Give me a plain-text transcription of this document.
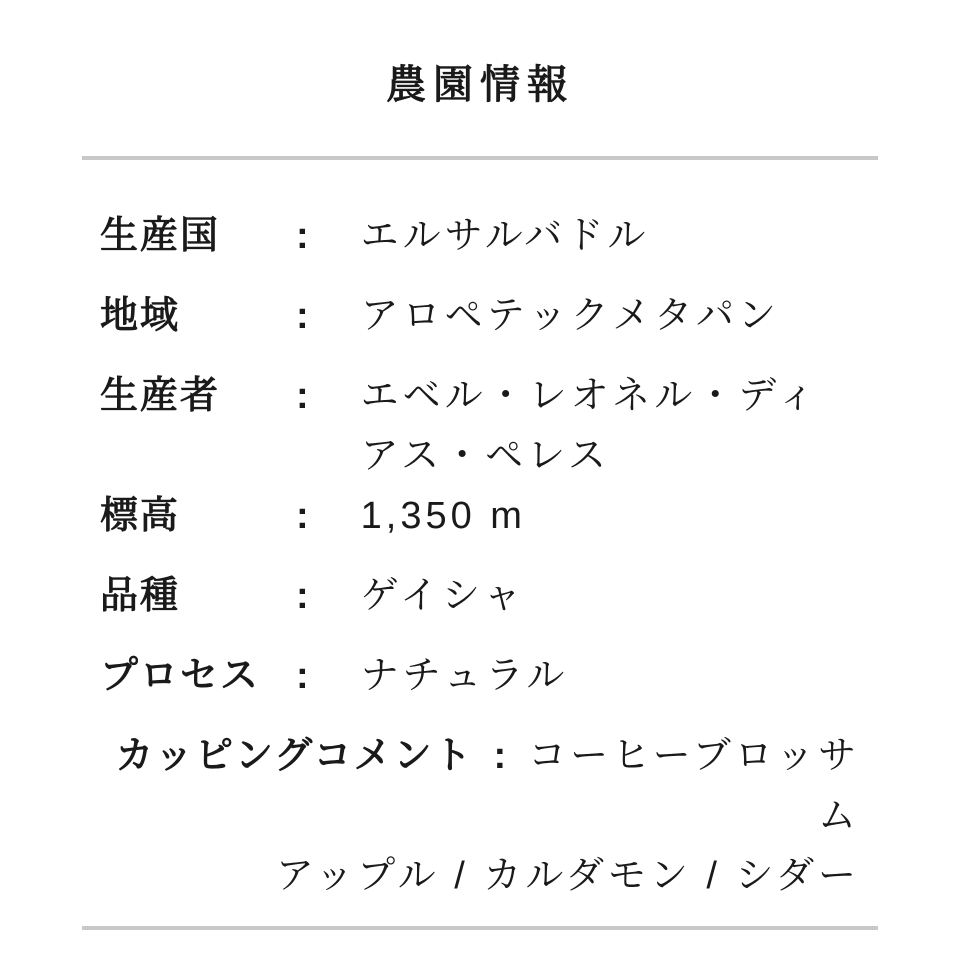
農園情報
生産国	: エルサルバドル
地域	: アロペテックメタパン
生産者	: エベル・レオネル・ディ
アス・ペレス
標高	: 1,350 m
品種	: ゲイシャ
プロセス : ナチュラル
カッピングコメント : コーヒーブロッサム
アップル / カルダモン / シダー
